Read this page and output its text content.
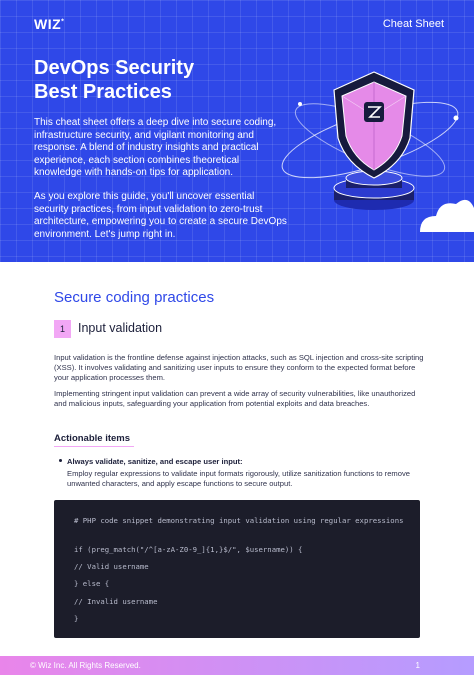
WIZ*	Cheat Sheet
DevOps Security
Best Practices
This cheat sheet offers a deep dive into secure coding, infrastructure security, and vigilant monitoring and response. A blend of industry insights and practical experience, each section combines theoretical knowledge with hands-on tips for application.
As you explore this guide, you'll uncover essential security practices, from input validation to zero-trust architecture, empowering you to create a secure DevOps environment. Let's jump right in.
Secure coding practices
1	Input validation
Input validation is the frontline defense against injection attacks, such as SQL injection and cross-site scripting (XSS). It involves validating and sanitizing user inputs to ensure they conform to the expected format before your application processes them.
Implementing stringent input validation can prevent a wide array of security vulnerabilities, like unauthorized and malicious inputs, safeguarding your application from potential exploits and data breaches.
Actionable items
Always validate, sanitize, and escape user input:
Employ regular expressions to validate input formats rigorously, utilize sanitization functions to remove unwanted characters, and apply escape functions to secure output.
# PHP code snippet demonstrating input validation using regular expressions
if (preg_match("/^[a-zA-Z0-9_]{1,}$/", $username)) {
// Valid username
} else {
// Invalid username
}
© Wiz Inc. All Rights Reserved.	1
